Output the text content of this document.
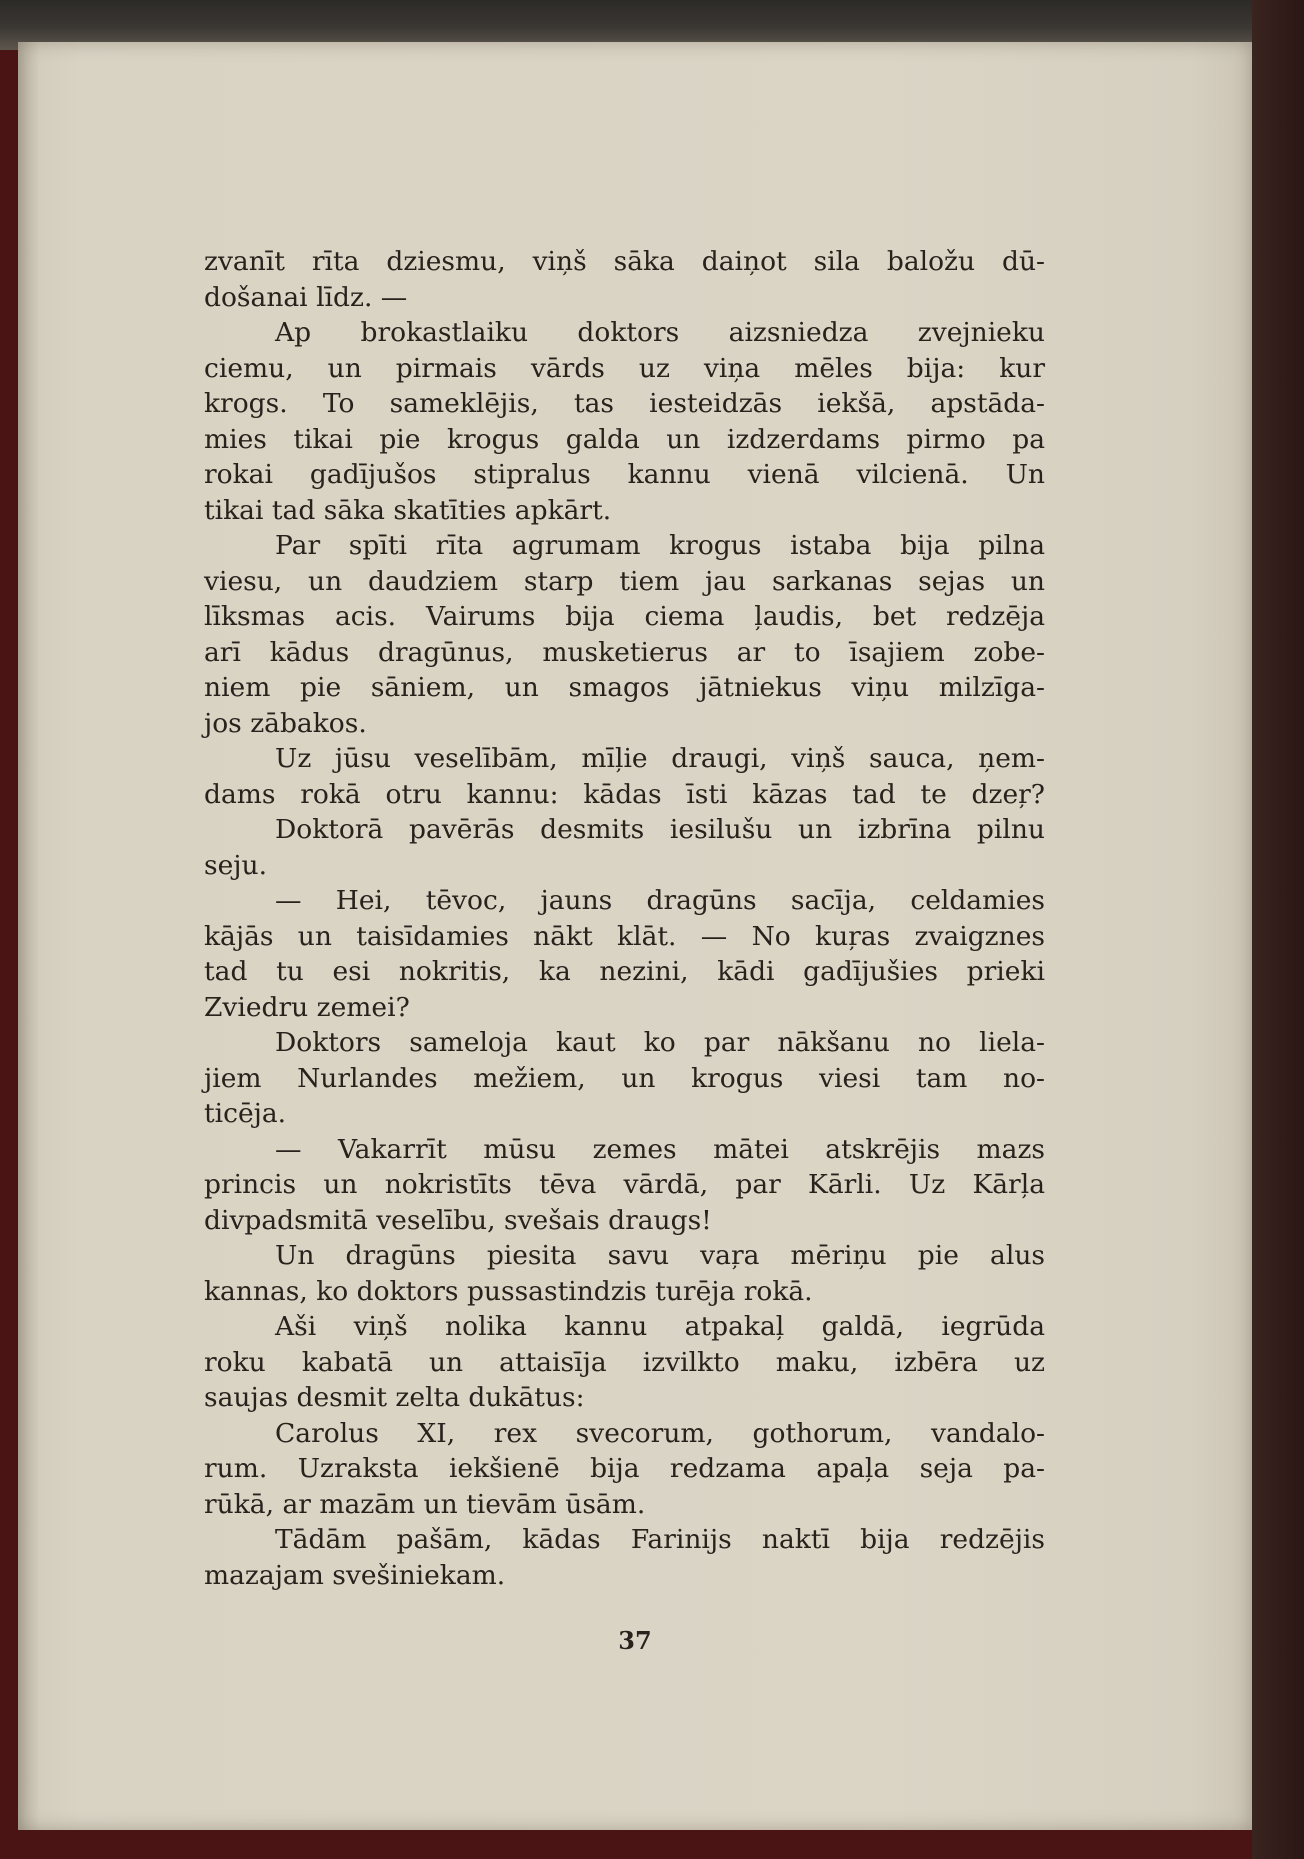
zvanīt rīta dziesmu, viņš sāka daiņot sila baložu dū-
došanai līdz. —
Ap brokastlaiku doktors aizsniedza zvejnieku
ciemu, un pirmais vārds uz viņa mēles bija: kur
krogs. To sameklējis, tas iesteidzās iekšā, apstāda-
mies tikai pie krogus galda un izdzerdams pirmo pa
rokai gadījušos stipralus kannu vienā vilcienā. Un
tikai tad sāka skatīties apkārt.
Par spīti rīta agrumam krogus istaba bija pilna
viesu, un daudziem starp tiem jau sarkanas sejas un
līksmas acis. Vairums bija ciema ļaudis, bet redzēja
arī kādus dragūnus, musketierus ar to īsajiem zobe-
niem pie sāniem, un smagos jātniekus viņu milzīga-
jos zābakos.
Uz jūsu veselībām, mīļie draugi, viņš sauca, ņem-
dams rokā otru kannu: kādas īsti kāzas tad te dzeŗ?
Doktorā pavērās desmits iesilušu un izbrīna pilnu
seju.
— Hei, tēvoc, jauns dragūns sacīja, celdamies
kājās un taisīdamies nākt klāt. — No kuŗas zvaigznes
tad tu esi nokritis, ka nezini, kādi gadījušies prieki
Zviedru zemei?
Doktors sameloja kaut ko par nākšanu no liela-
jiem Nurlandes mežiem, un krogus viesi tam no-
ticēja.
— Vakarrīt mūsu zemes mātei atskrējis mazs
princis un nokristīts tēva vārdā, par Kārli. Uz Kārļa
divpadsmitā veselību, svešais draugs!
Un dragūns piesita savu vaŗa mēriņu pie alus
kannas, ko doktors pussastindzis turēja rokā.
Aši viņš nolika kannu atpakaļ galdā, iegrūda
roku kabatā un attaisīja izvilkto maku, izbēra uz
saujas desmit zelta dukātus:
Carolus XI, rex svecorum, gothorum, vandalo-
rum. Uzraksta iekšienē bija redzama apaļa seja pa-
rūkā, ar mazām un tievām ūsām.
Tādām pašām, kādas Farinijs naktī bija redzējis
mazajam svešiniekam.
37
